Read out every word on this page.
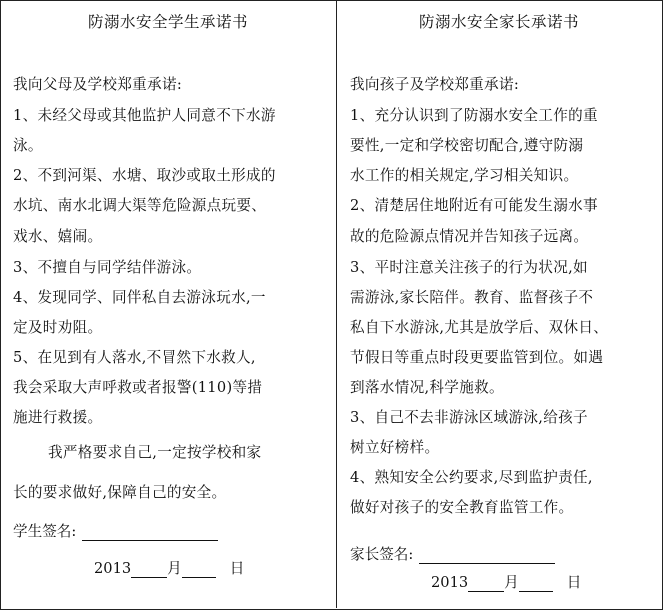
防溺水安全学生承诺书
我向父母及学校郑重承诺:
1、未经父母或其他监护人同意不下水游
泳。
2、不到河渠、水塘、取沙或取土形成的
水坑、南水北调大渠等危险源点玩要、
戏水、嬉闹。
3、不擅自与同学结伴游泳。
4、发现同学、同伴私自去游泳玩水,一
定及时劝阻。
5、在见到有人落水,不冒然下水救人,
我会采取大声呼救或者报警(110)等措
施进行救援。
我严格要求自己,一定按学校和家
长的要求做好,保障自己的安全。
学生签名:
2013 月	日
防溺水安全家长承诺书
我向孩子及学校郑重承诺:
1、充分认识到了防溺水安全工作的重
要性,一定和学校密切配合,遵守防溺
水工作的相关规定,学习相关知识。
2、清楚居住地附近有可能发生溺水事
故的危险源点情况并告知孩子远离。
3、平时注意关注孩子的行为状况,如
需游泳,家长陪伴。教育、监督孩子不
私自下水游泳,尤其是放学后、双休日、
节假日等重点时段更要监管到位。如遇
到落水情况,科学施救。
3、自己不去非游泳区域游泳,给孩子
树立好榜样。
4、熟知安全公约要求,尽到监护责任,
做好对孩子的安全教育监管工作。
家长签名:
2013 月	日
